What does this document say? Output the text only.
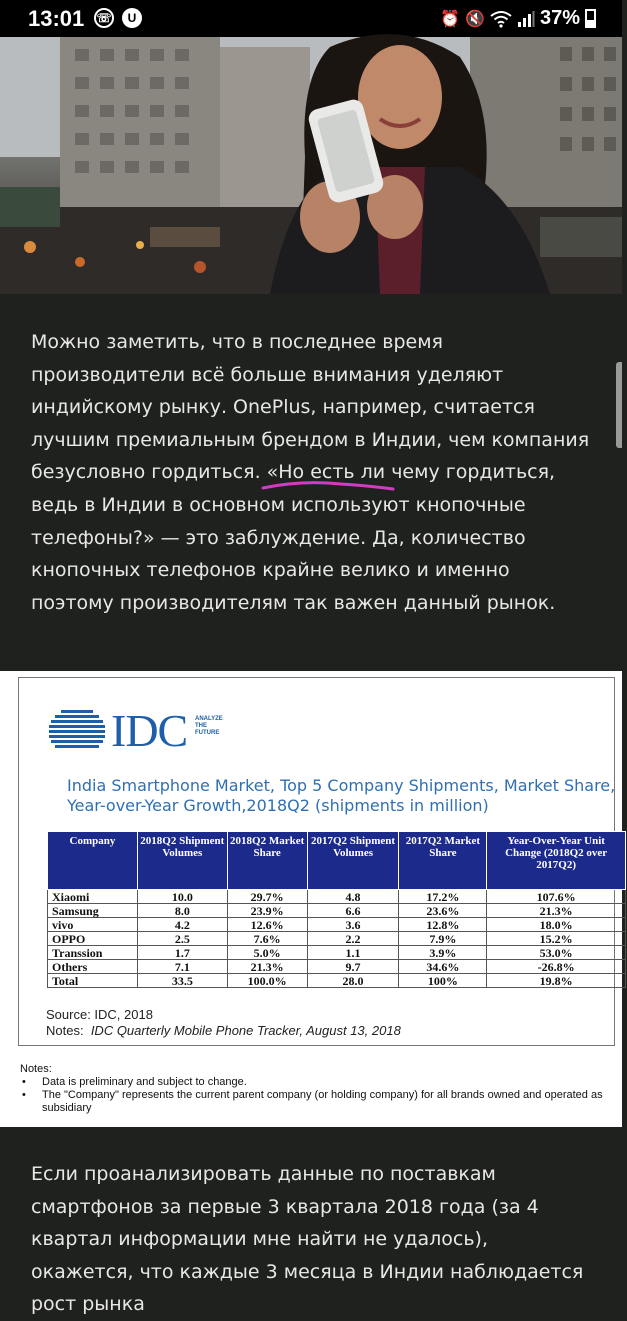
13:01 ☏	U	⏰ 🔇	37%
Можно заметить, что в последнее время производители всё больше внимания уделяют индийскому рынку. OnePlus, например, считается лучшим премиальным брендом в Индии, чем компания безусловно гордиться. «Но есть ли чему гордиться, ведь в Индии в основном используют кнопочные телефоны?» — это заблуждение. Да, количество кнопочных телефонов крайне велико и именно поэтому производителям так важен данный рынок.
IDC ANALYZE
THE
FUTURE
India Smartphone Market, Top 5 Company Shipments, Market Share, Year-over-Year Growth,2018Q2 (shipments in million)
Company	2018Q2 Shipment Volumes	2018Q2 Market Share	2017Q2 Shipment Volumes	2017Q2 Market Share	Year-Over-Year Unit Change (2018Q2 over 2017Q2)
Xiaomi	10.0	29.7%	4.8	17.2%	107.6%
Samsung	8.0	23.9%	6.6	23.6%	21.3%
vivo	4.2	12.6%	3.6	12.8%	18.0%
OPPO	2.5	7.6%	2.2	7.9%	15.2%
Transsion	1.7	5.0%	1.1	3.9%	53.0%
Others	7.1	21.3%	9.7	34.6%	-26.8%
Total	33.5	100.0%	28.0	100%	19.8%
Source: IDC, 2018
Notes: IDC Quarterly Mobile Phone Tracker, August 13, 2018
Notes:
• Data is preliminary and subject to change.
• The "Company" represents the current parent company (or holding company) for all brands owned and operated as subsidiary
Если проанализировать данные по поставкам смартфонов за первые 3 квартала 2018 года (за 4 квартал информации мне найти не удалось), окажется, что каждые 3 месяца в Индии наблюдается рост рынка
